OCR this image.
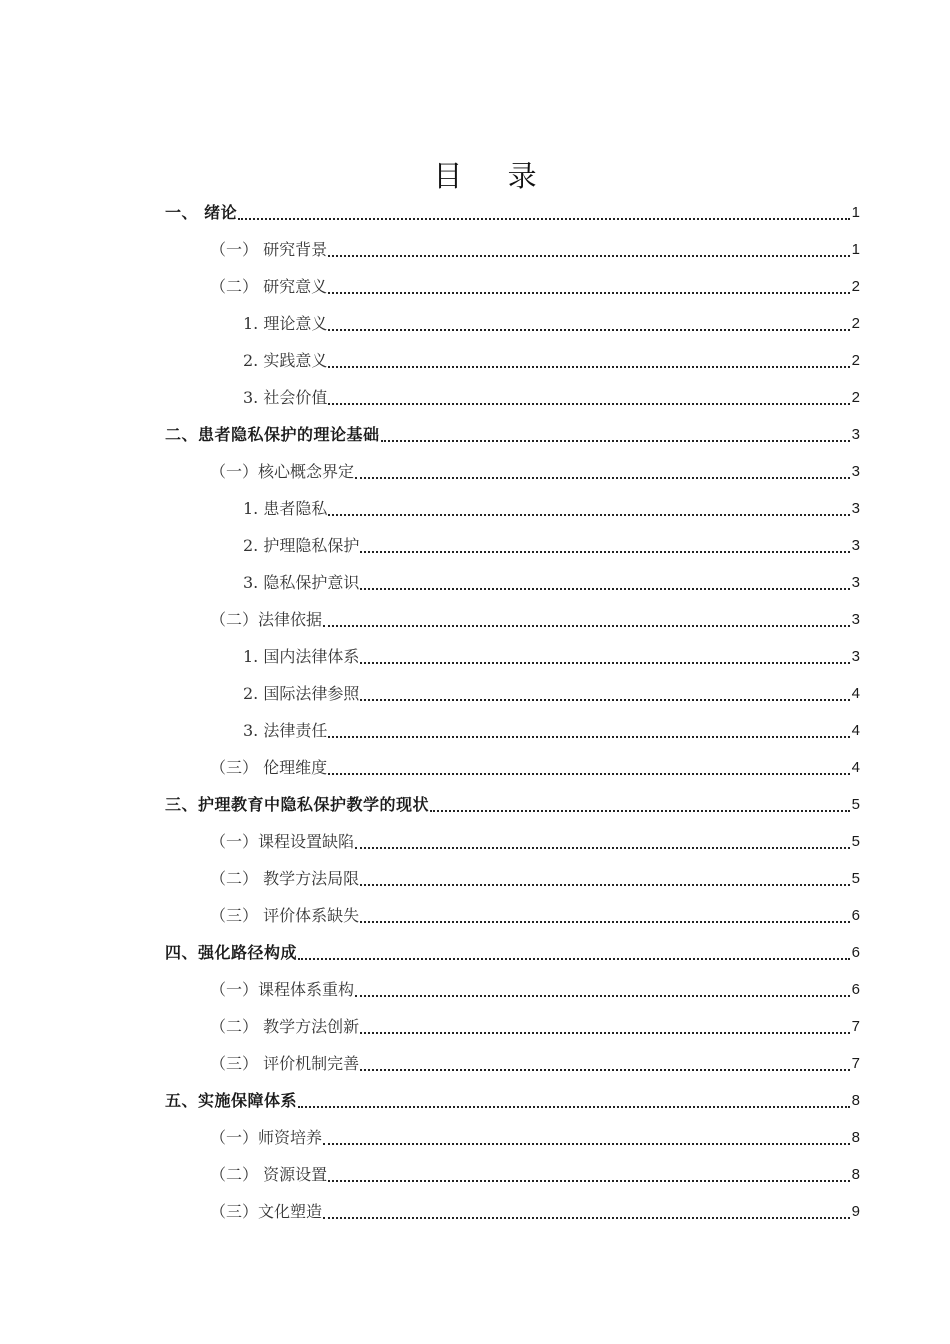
目 录
一、 绪论	1
（一） 研究背景	1
（二） 研究意义	2
1. 理论意义	2
2. 实践意义	2
3. 社会价值	2
二、患者隐私保护的理论基础	3
（一）核心概念界定	3
1. 患者隐私	3
2. 护理隐私保护	3
3. 隐私保护意识	3
（二）法律依据	3
1. 国内法律体系	3
2. 国际法律参照	4
3. 法律责任	4
（三） 伦理维度	4
三、护理教育中隐私保护教学的现状	5
（一）课程设置缺陷	5
（二） 教学方法局限	5
（三） 评价体系缺失	6
四、强化路径构成	6
（一）课程体系重构	6
（二） 教学方法创新	7
（三） 评价机制完善	7
五、实施保障体系	8
（一）师资培养	8
（二） 资源设置	8
（三）文化塑造	9
